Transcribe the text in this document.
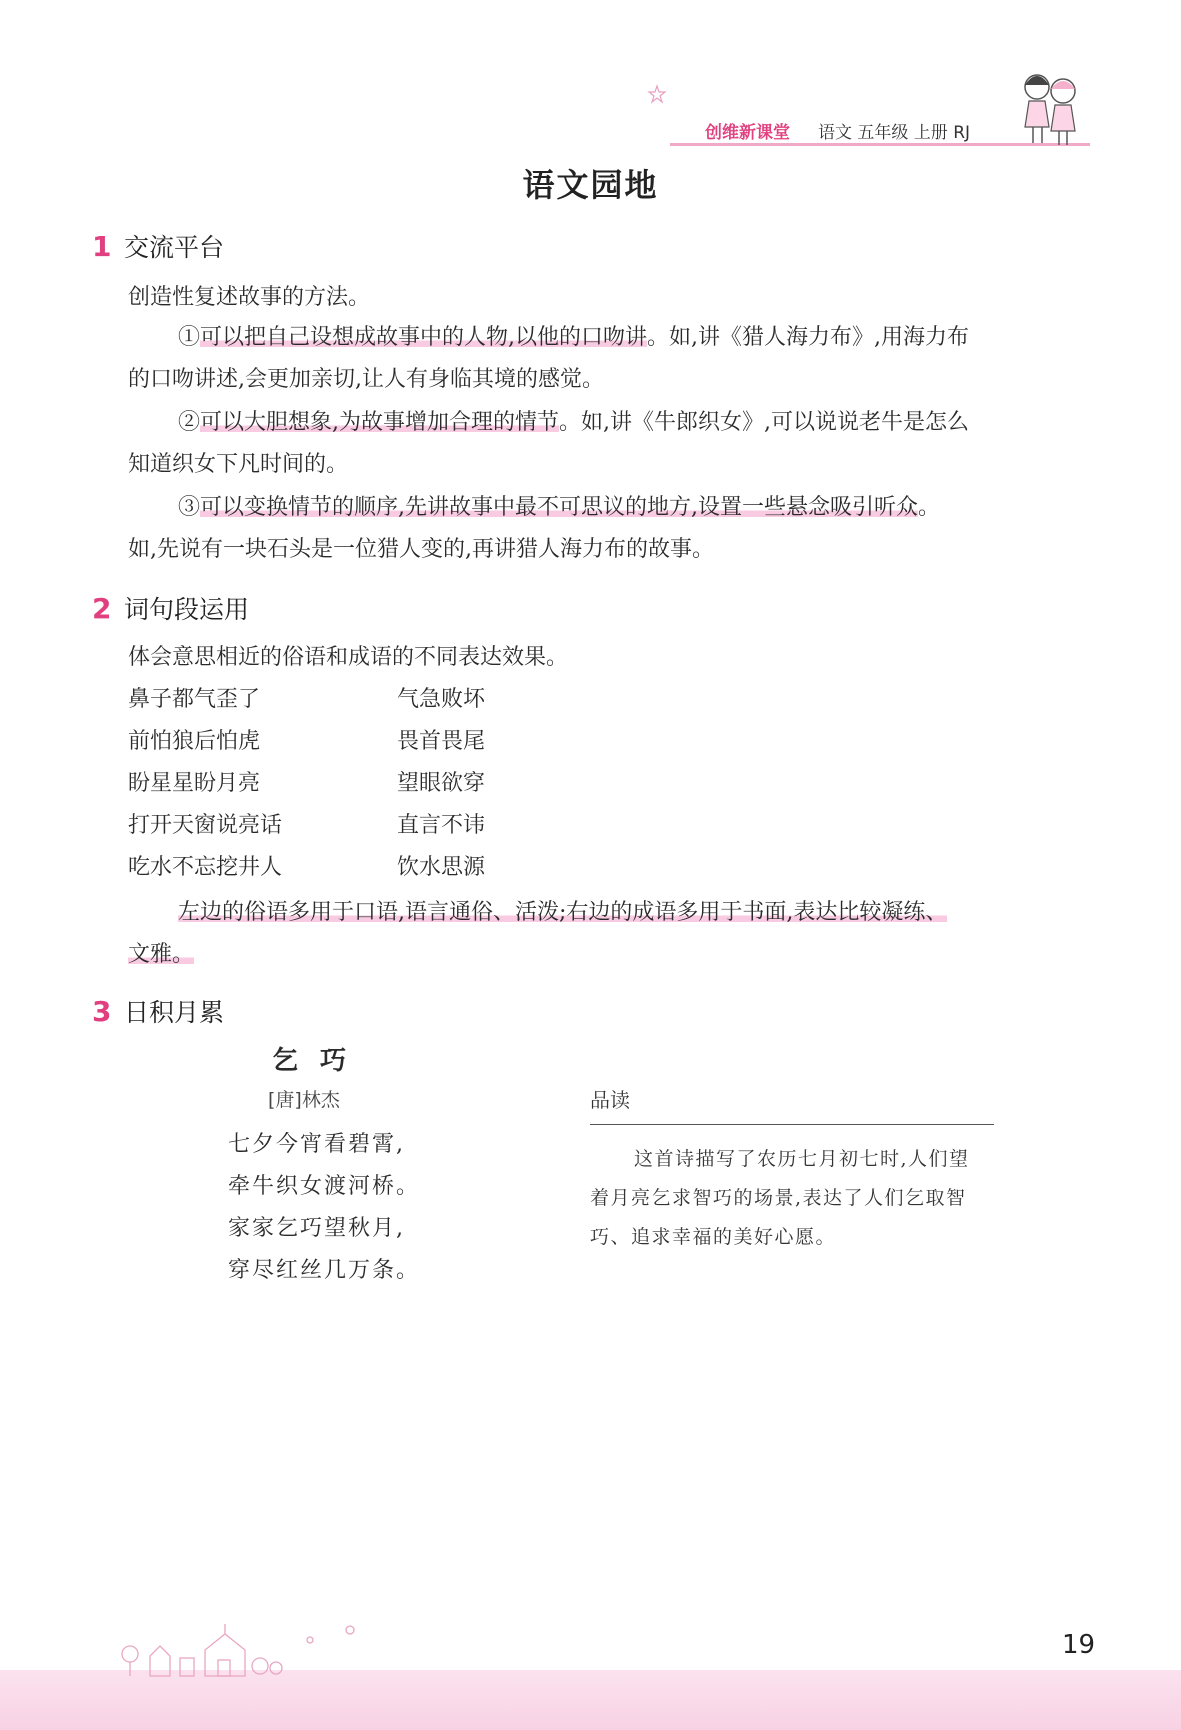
创维新课堂 语文 五年级 上册 RJ
语文园地
1 交流平台
创造性复述故事的方法。
①可以把自己设想成故事中的人物,以他的口吻讲。如,讲《猎人海力布》,用海力布
的口吻讲述,会更加亲切,让人有身临其境的感觉。
②可以大胆想象,为故事增加合理的情节。如,讲《牛郎织女》,可以说说老牛是怎么
知道织女下凡时间的。
③可以变换情节的顺序,先讲故事中最不可思议的地方,设置一些悬念吸引听众。
如,先说有一块石头是一位猎人变的,再讲猎人海力布的故事。
2 词句段运用
体会意思相近的俗语和成语的不同表达效果。
鼻子都气歪了	气急败坏
前怕狼后怕虎	畏首畏尾
盼星星盼月亮	望眼欲穿
打开天窗说亮话	直言不讳
吃水不忘挖井人	饮水思源
左边的俗语多用于口语,语言通俗、活泼;右边的成语多用于书面,表达比较凝练、
文雅。
3 日积月累
乞巧
[唐]林杰
七夕今宵看碧霄,
牵牛织女渡河桥。
家家乞巧望秋月,
穿尽红丝几万条。
品读
这首诗描写了农历七月初七时,人们望
着月亮乞求智巧的场景,表达了人们乞取智
巧、追求幸福的美好心愿。
19
